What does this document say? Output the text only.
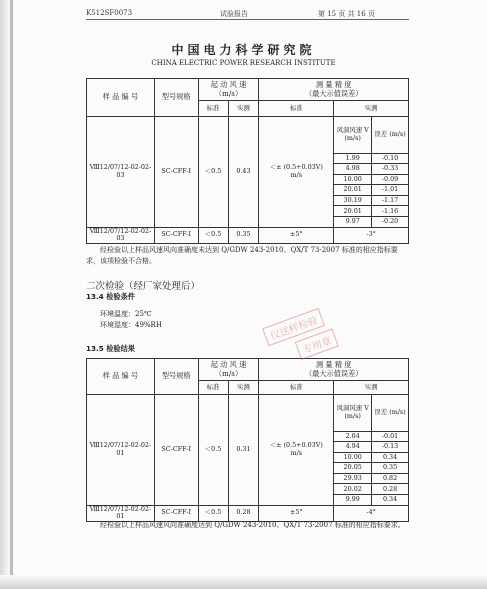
K512SF0073	试验报告	第 15 页 共 16 页
中国电力科学研究院
CHINA ELECTRIC POWER RESEARCH INSTITUTE
样 品 编 号	型号规格	起 动 风 速
（m/s）	测 量 精 度
（最大示值误差）
标准	实测	标准	实测
Ⅷ12/07/12-02-02-03	SC-CFF-I	＜0.5	0.43	＜± (0.5+0.03V) m/s	
风洞风速 V (m/s)	误差 (m/s)
1.99	-0.10
4.98	-0.33
10.00	-0.09
20.01	-1.01
30.19	-1.17
20.01	-1.16
9.97	-0.20

Ⅷ12/07/12-02-02-03	SC-CFF-I	＜0.5	0.35	±5°	-3°
经检验以上样品风速风向准确度未达到 Q/GDW 243-2010、QX/T 73-2007 标准的相应指标要求，该项检验不合格。
二次检验（经厂家处理后）
13.4 检验条件
环境温度：25℃
环境湿度：49%RH
13.5 检验结果
样 品 编 号	型号规格	起 动 风 速
（m/s）	测 量 精 度
（最大示值误差）
标准	实测	标准	实测
Ⅷ12/07/12-02-02-01	SC-CFF-I	＜0.5	0.31	＜± (0.5+0.03V) m/s	
风洞风速 V (m/s)	误差 (m/s)
2.04	-0.01
4.94	-0.13
10.00	0.34
20.05	0.35
29.93	0.82
20.02	0.28
9.99	0.34

Ⅷ12/07/12-02-02-01	SC-CFF-I	＜0.5	0.28	±5°	-4°
经检验以上样品风速风向准确度达到 Q/GDW 243-2010、QX/T 73-2007 标准的相应指标要求。
仅送样检验
专用章
